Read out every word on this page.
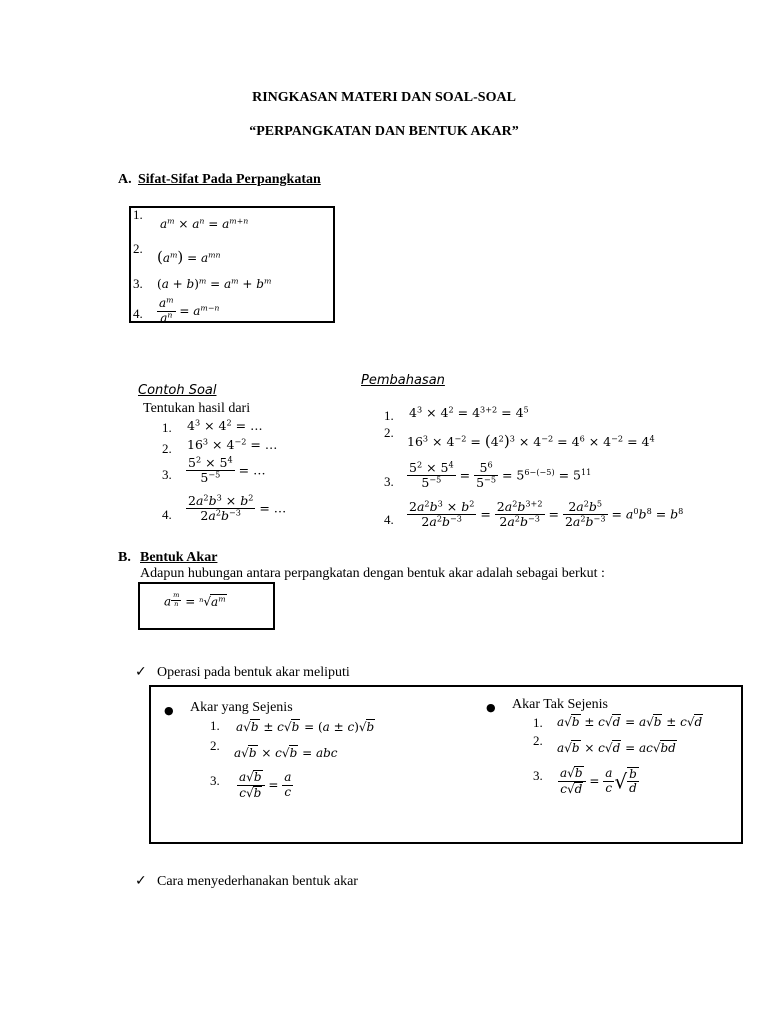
RINGKASAN MATERI DAN SOAL-SOAL
“PERPANGKATAN DAN BENTUK AKAR”
A. Sifat-Sifat Pada Perpangkatan
1.
$a^m \times a^n = a^{m+n}$
2. $(a^m) = a^{mn}$
3. $(a + b)^m = a^m + b^m$
4. $\frac{a^m}{a^n} = a^{m-n}$
Contoh Soal
Tentukan hasil dari
1. $4^3 \times 4^2$ = …
2. $16^3 \times 4^{-2}$ = …
3. $\frac{5^2 \times 5^4}{5^{-5}}$ = …
4. $\frac{2a^2b^3 \times b^2}{2a^2b^{-3}}$ = …
Pembahasan
1. $4^3 \times 4^2 = 4^{3+2} = 4^5$
2.
$16^3 \times 4^{-2} = (4^2)^3 \times 4^{-2} = 4^6 \times 4^{-2} = 4^4$
3. $\frac{5^2 \times 5^4}{5^{-5}} = \frac{5^6}{5^{-5}} = 5^{6-(-5)} = 5^{11}$
4. $\frac{2a^2b^3 \times b^2}{2a^2b^{-3}} = \frac{2a^2b^{3+2}}{2a^2b^{-3}} = \frac{2a^2b^5}{2a^2b^{-3}} = a^0b^8 = b^8$
B. Bentuk Akar
Adapun hubungan antara perpangkatan dengan bentuk akar adalah sebagai berkut :
a $^{\frac{m}{n}} = ^n√a^m$
✓ Operasi pada bentuk akar meliputi
● Akar yang Sejenis
1. a√b ± c√b = (a ± c)√b
2. a√b × c√b = abc
3. $\frac{a√b}{c√b} = \frac{a}{c}$
● Akar Tak Sejenis
1. a√b ± c√d = a√b ± c√d
2. a√b × c√d = ac√bd
3. $\frac{a√b}{c√d} = \frac{a}{c}$ √ $\frac{b}{d}$
✓ Cara menyederhanakan bentuk akar
